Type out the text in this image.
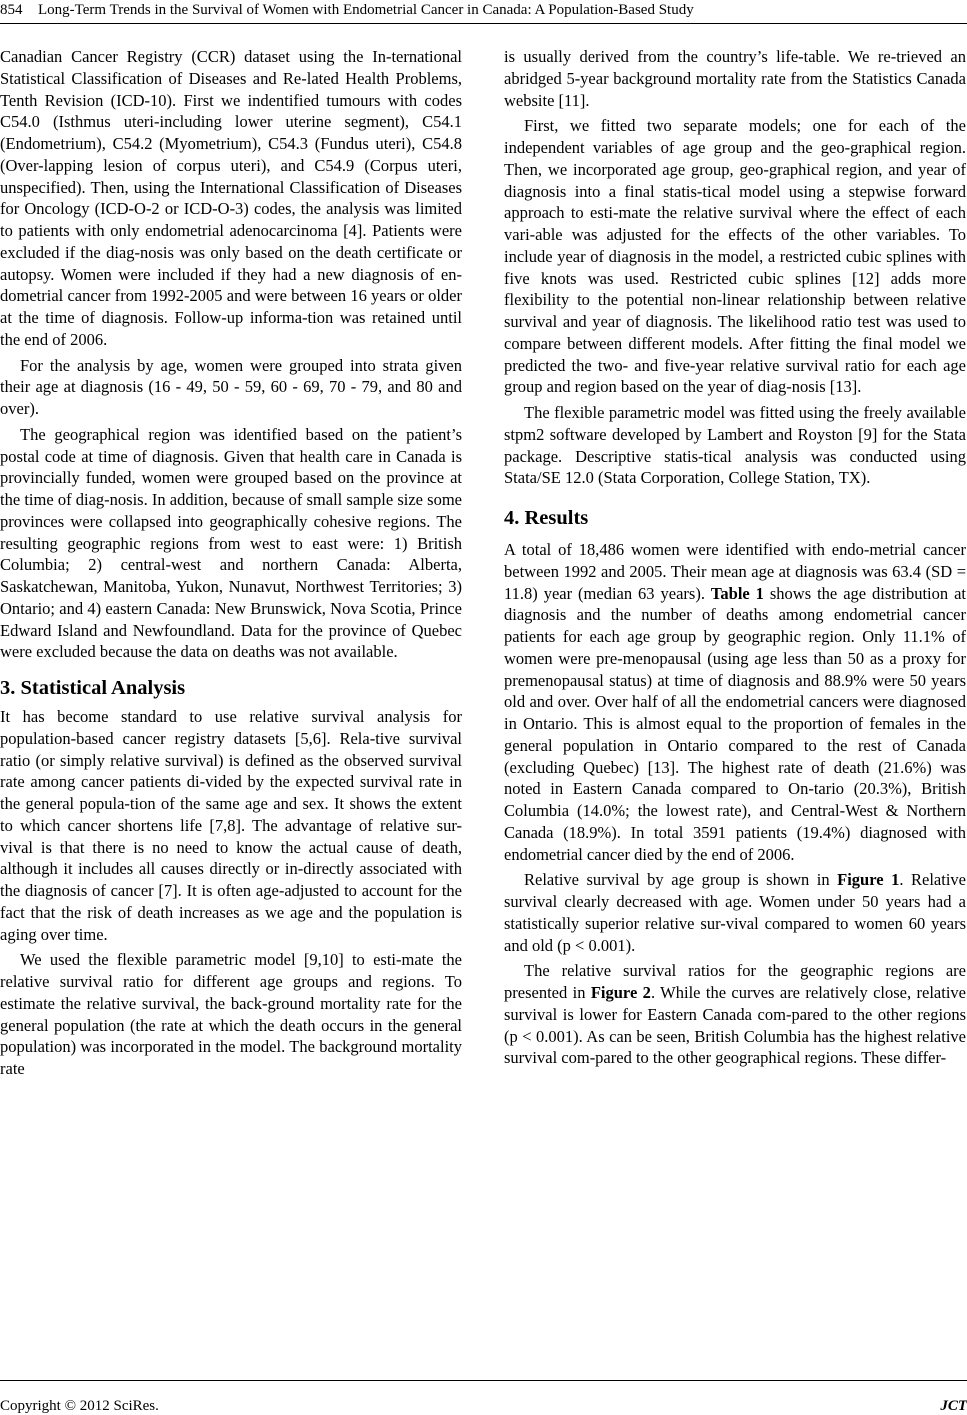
854 Long-Term Trends in the Survival of Women with Endometrial Cancer in Canada: A Population-Based Study

Canadian Cancer Registry (CCR) dataset using the In-ternational Statistical Classification of Diseases and Re-lated Health Problems, Tenth Revision (ICD-10). First we indentified tumours with codes C54.0 (Isthmus uteri-including lower uterine segment), C54.1 (Endometrium), C54.2 (Myometrium), C54.3 (Fundus uteri), C54.8 (Over-lapping lesion of corpus uteri), and C54.9 (Corpus uteri, unspecified). Then, using the International Classification of Diseases for Oncology (ICD-O-2 or ICD-O-3) codes, the analysis was limited to patients with only endometrial adenocarcinoma [4]. Patients were excluded if the diag-nosis was only based on the death certificate or autopsy. Women were included if they had a new diagnosis of en-dometrial cancer from 1992-2005 and were between 16 years or older at the time of diagnosis. Follow-up informa-tion was retained until the end of 2006.

For the analysis by age, women were grouped into strata given their age at diagnosis (16 - 49, 50 - 59, 60 - 69, 70 - 79, and 80 and over).

The geographical region was identified based on the patient’s postal code at time of diagnosis. Given that health care in Canada is provincially funded, women were grouped based on the province at the time of diag-nosis. In addition, because of small sample size some provinces were collapsed into geographically cohesive regions. The resulting geographic regions from west to east were: 1) British Columbia; 2) central-west and northern Canada: Alberta, Saskatchewan, Manitoba, Yukon, Nunavut, Northwest Territories; 3) Ontario; and 4) eastern Canada: New Brunswick, Nova Scotia, Prince Edward Island and Newfoundland. Data for the province of Quebec were excluded because the data on deaths was not available.

3. Statistical Analysis

It has become standard to use relative survival analysis for population-based cancer registry datasets [5,6]. Rela-tive survival ratio (or simply relative survival) is defined as the observed survival rate among cancer patients di-vided by the expected survival rate in the general popula-tion of the same age and sex. It shows the extent to which cancer shortens life [7,8]. The advantage of relative sur-vival is that there is no need to know the actual cause of death, although it includes all causes directly or in-directly associated with the diagnosis of cancer [7]. It is often age-adjusted to account for the fact that the risk of death increases as we age and the population is aging over time.

We used the flexible parametric model [9,10] to esti-mate the relative survival ratio for different age groups and regions. To estimate the relative survival, the back-ground mortality rate for the general population (the rate at which the death occurs in the general population) was incorporated in the model. The background mortality rate

is usually derived from the country’s life-table. We re-trieved an abridged 5-year background mortality rate from the Statistics Canada website [11].

First, we fitted two separate models; one for each of the independent variables of age group and the geo-graphical region. Then, we incorporated age group, geo-graphical region, and year of diagnosis into a final statis-tical model using a stepwise forward approach to esti-mate the relative survival where the effect of each vari-able was adjusted for the effects of the other variables. To include year of diagnosis in the model, a restricted cubic splines with five knots was used. Restricted cubic splines [12] adds more flexibility to the potential non-linear relationship between relative survival and year of diagnosis. The likelihood ratio test was used to compare between different models. After fitting the final model we predicted the two- and five-year relative survival ratio for each age group and region based on the year of diag-nosis [13].

The flexible parametric model was fitted using the freely available stpm2 software developed by Lambert and Royston [9] for the Stata package. Descriptive statis-tical analysis was conducted using Stata/SE 12.0 (Stata Corporation, College Station, TX).

4. Results

A total of 18,486 women were identified with endo-metrial cancer between 1992 and 2005. Their mean age at diagnosis was 63.4 (SD = 11.8) year (median 63 years). Table 1 shows the age distribution at diagnosis and the number of deaths among endometrial cancer patients for each age group by geographic region. Only 11.1% of women were pre-menopausal (using age less than 50 as a proxy for premenopausal status) at time of diagnosis and 88.9% were 50 years old and over. Over half of all the endometrial cancers were diagnosed in Ontario. This is almost equal to the proportion of females in the general population in Ontario compared to the rest of Canada (excluding Quebec) [13]. The highest rate of death (21.6%) was noted in Eastern Canada compared to On-tario (20.3%), British Columbia (14.0%; the lowest rate), and Central-West & Northern Canada (18.9%). In total 3591 patients (19.4%) diagnosed with endometrial cancer died by the end of 2006.

Relative survival by age group is shown in Figure 1. Relative survival clearly decreased with age. Women under 50 years had a statistically superior relative sur-vival compared to women 60 years and old (p < 0.001).

The relative survival ratios for the geographic regions are presented in Figure 2. While the curves are relatively close, relative survival is lower for Eastern Canada com-pared to the other regions (p < 0.001). As can be seen, British Columbia has the highest relative survival com-pared to the other geographical regions. These differ-

Copyright © 2012 SciRes.	JCT
